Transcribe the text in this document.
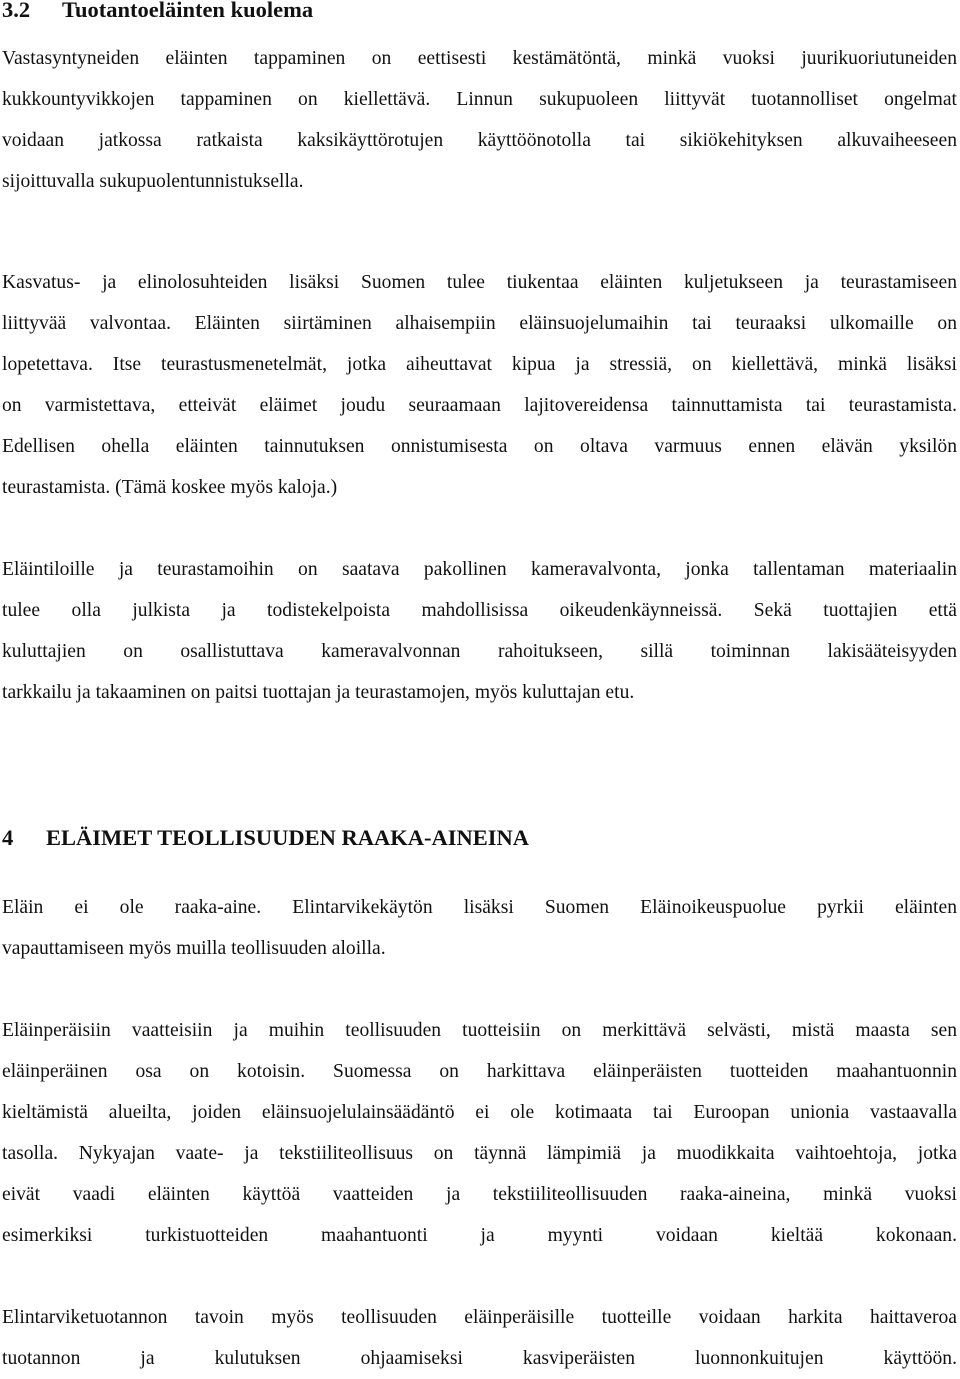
3.2 Tuotantoeläinten kuolema
Vastasyntyneiden eläinten tappaminen on eettisesti kestämätöntä, minkä vuoksi juurikuoriutuneiden
kukkountyvikkojen tappaminen on kiellettävä. Linnun sukupuoleen liittyvät tuotannolliset ongelmat
voidaan jatkossa ratkaista kaksikäyttörotujen käyttöönotolla tai sikiökehityksen alkuvaiheeseen
sijoittuvalla sukupuolentunnistuksella.
Kasvatus- ja elinolosuhteiden lisäksi Suomen tulee tiukentaa eläinten kuljetukseen ja teurastamiseen
liittyvää valvontaa. Eläinten siirtäminen alhaisempiin eläinsuojelumaihin tai teuraaksi ulkomaille on
lopetettava. Itse teurastusmenetelmät, jotka aiheuttavat kipua ja stressiä, on kiellettävä, minkä lisäksi
on varmistettava, etteivät eläimet joudu seuraamaan lajitovereidensa tainnuttamista tai teurastamista.
Edellisen ohella eläinten tainnutuksen onnistumisesta on oltava varmuus ennen elävän yksilön
teurastamista. (Tämä koskee myös kaloja.)
Eläintiloille ja teurastamoihin on saatava pakollinen kameravalvonta, jonka tallentaman materiaalin
tulee olla julkista ja todistekelpoista mahdollisissa oikeudenkäynneissä. Sekä tuottajien että
kuluttajien on osallistuttava kameravalvonnan rahoitukseen, sillä toiminnan lakisääteisyyden
tarkkailu ja takaaminen on paitsi tuottajan ja teurastamojen, myös kuluttajan etu.
4 ELÄIMET TEOLLISUUDEN RAAKA-AINEINA
Eläin ei ole raaka-aine. Elintarvikekäytön lisäksi Suomen Eläinoikeuspuolue pyrkii eläinten
vapauttamiseen myös muilla teollisuuden aloilla.
Eläinperäisiin vaatteisiin ja muihin teollisuuden tuotteisiin on merkittävä selvästi, mistä maasta sen
eläinperäinen osa on kotoisin. Suomessa on harkittava eläinperäisten tuotteiden maahantuonnin
kieltämistä alueilta, joiden eläinsuojelulainsäädäntö ei ole kotimaata tai Euroopan unionia vastaavalla
tasolla. Nykyajan vaate- ja tekstiiliteollisuus on täynnä lämpimiä ja muodikkaita vaihtoehtoja, jotka
eivät vaadi eläinten käyttöä vaatteiden ja tekstiiliteollisuuden raaka-aineina, minkä vuoksi
esimerkiksi turkistuotteiden maahantuonti ja myynti voidaan kieltää kokonaan.
Elintarviketuotannon tavoin myös teollisuuden eläinperäisille tuotteille voidaan harkita haittaveroa
tuotannon ja kulutuksen ohjaamiseksi kasviperäisten luonnonkuitujen käyttöön.
